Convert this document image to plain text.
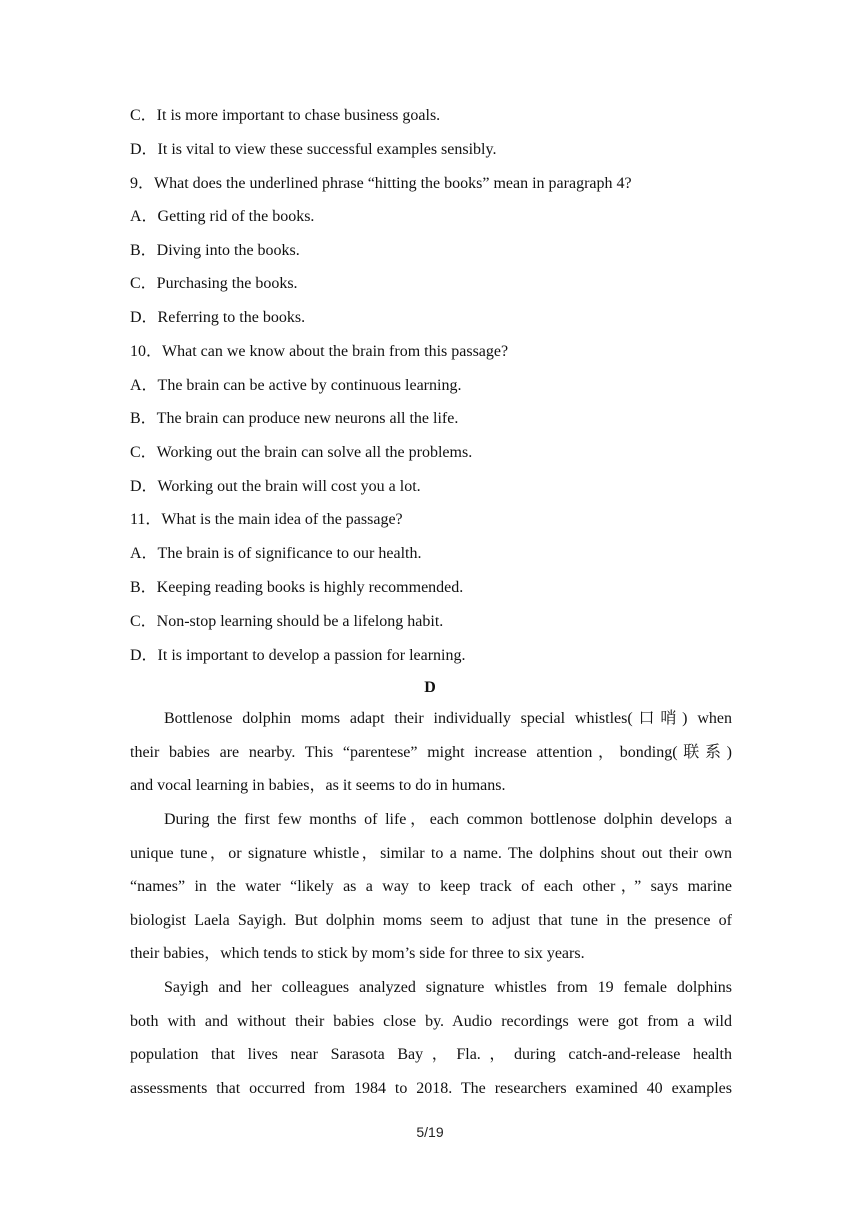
C．It is more important to chase business goals.
D．It is vital to view these successful examples sensibly.
9．What does the underlined phrase “hitting the books” mean in paragraph 4?
A．Getting rid of the books.
B．Diving into the books.
C．Purchasing the books.
D．Referring to the books.
10．What can we know about the brain from this passage?
A．The brain can be active by continuous learning.
B．The brain can produce new neurons all the life.
C．Working out the brain can solve all the problems.
D．Working out the brain will cost you a lot.
11．What is the main idea of the passage?
A．The brain is of significance to our health.
B．Keeping reading books is highly recommended.
C．Non-stop learning should be a lifelong habit.
D．It is important to develop a passion for learning.
D
Bottlenose dolphin moms adapt their individually special whistles(口哨) when
their babies are nearby. This “parentese” might increase attention，bonding(联系)
and vocal learning in babies，as it seems to do in humans.
During the first few months of life，each common bottlenose dolphin develops a
unique tune，or signature whistle，similar to a name. The dolphins shout out their own
“names” in the water “likely as a way to keep track of each other，” says marine
biologist Laela Sayigh. But dolphin moms seem to adjust that tune in the presence of
their babies，which tends to stick by mom’s side for three to six years.
Sayigh and her colleagues analyzed signature whistles from 19 female dolphins
both with and without their babies close by. Audio recordings were got from a wild
population that lives near Sarasota Bay，Fla.，during catch-and-release health
assessments that occurred from 1984 to 2018. The researchers examined 40 examples
5/19
